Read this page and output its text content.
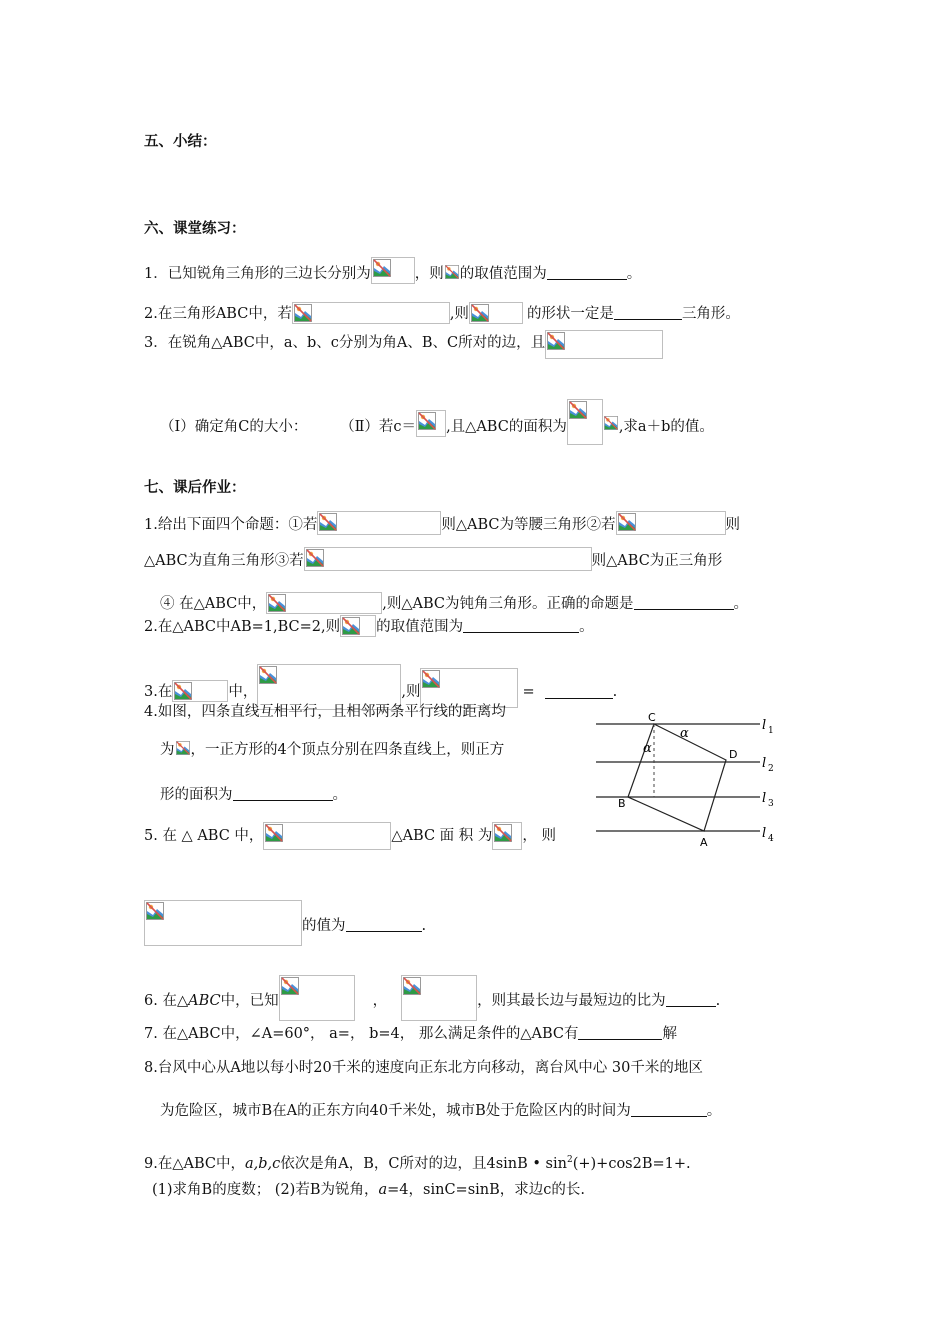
五、小结：
六、课堂练习：
1．已知锐角三角形的三边长分别为	，则 的取值范围为	。
2.在三角形ABC中，若	,则	的形状一定是	三角形。
3．在锐角△ABC中，a、b、c分别为角A、B、C所对的边，且
（Ⅰ）确定角C的大小：	（Ⅱ）若c＝ ,且△ABC的面积为	,求a＋b的值。
七、课后作业：
1.给出下面四个命题：①若	则△ABC为等腰三角形②若	则
△ABC为直角三角形③若	则△ABC为正三角形
④ 在△ABC中，	,则△ABC为钝角三角形。正确的命题是	。
2.在△ABC中AB=1,BC=2,则 的取值范围为	。
3.在	中，	,则	=	.
4.如图，四条直线互相平行，且相邻两条平行线的距离均
为 ，一正方形的4个顶点分别在四条直线上，则正方
形的面积为	。
5. 在 △ ABC 中，	△ABC 面 积 为 ， 则
的值为	.
6. 在△ABC中，已知	，	，则其最长边与最短边的比为	.
7. 在△ABC中，∠A=60°， a=， b=4， 那么满足条件的△ABC有	解
8.台风中心从A地以每小时20千米的速度向正东北方向移动，离台风中心 30千米的地区
为危险区，城市B在A的正东方向40千米处，城市B处于危险区内的时间为	。
9.在△ABC中，a,b,c依次是角A，B，C所对的边，且4sinB • $\sin^2(+)+\cos 2B=1+$.
(1)求角B的度数； (2)若B为锐角，a=4，sinC=sinB，求边c的长.
C
D
B
A
α
α
l 1
l 2
l 3
l 4
